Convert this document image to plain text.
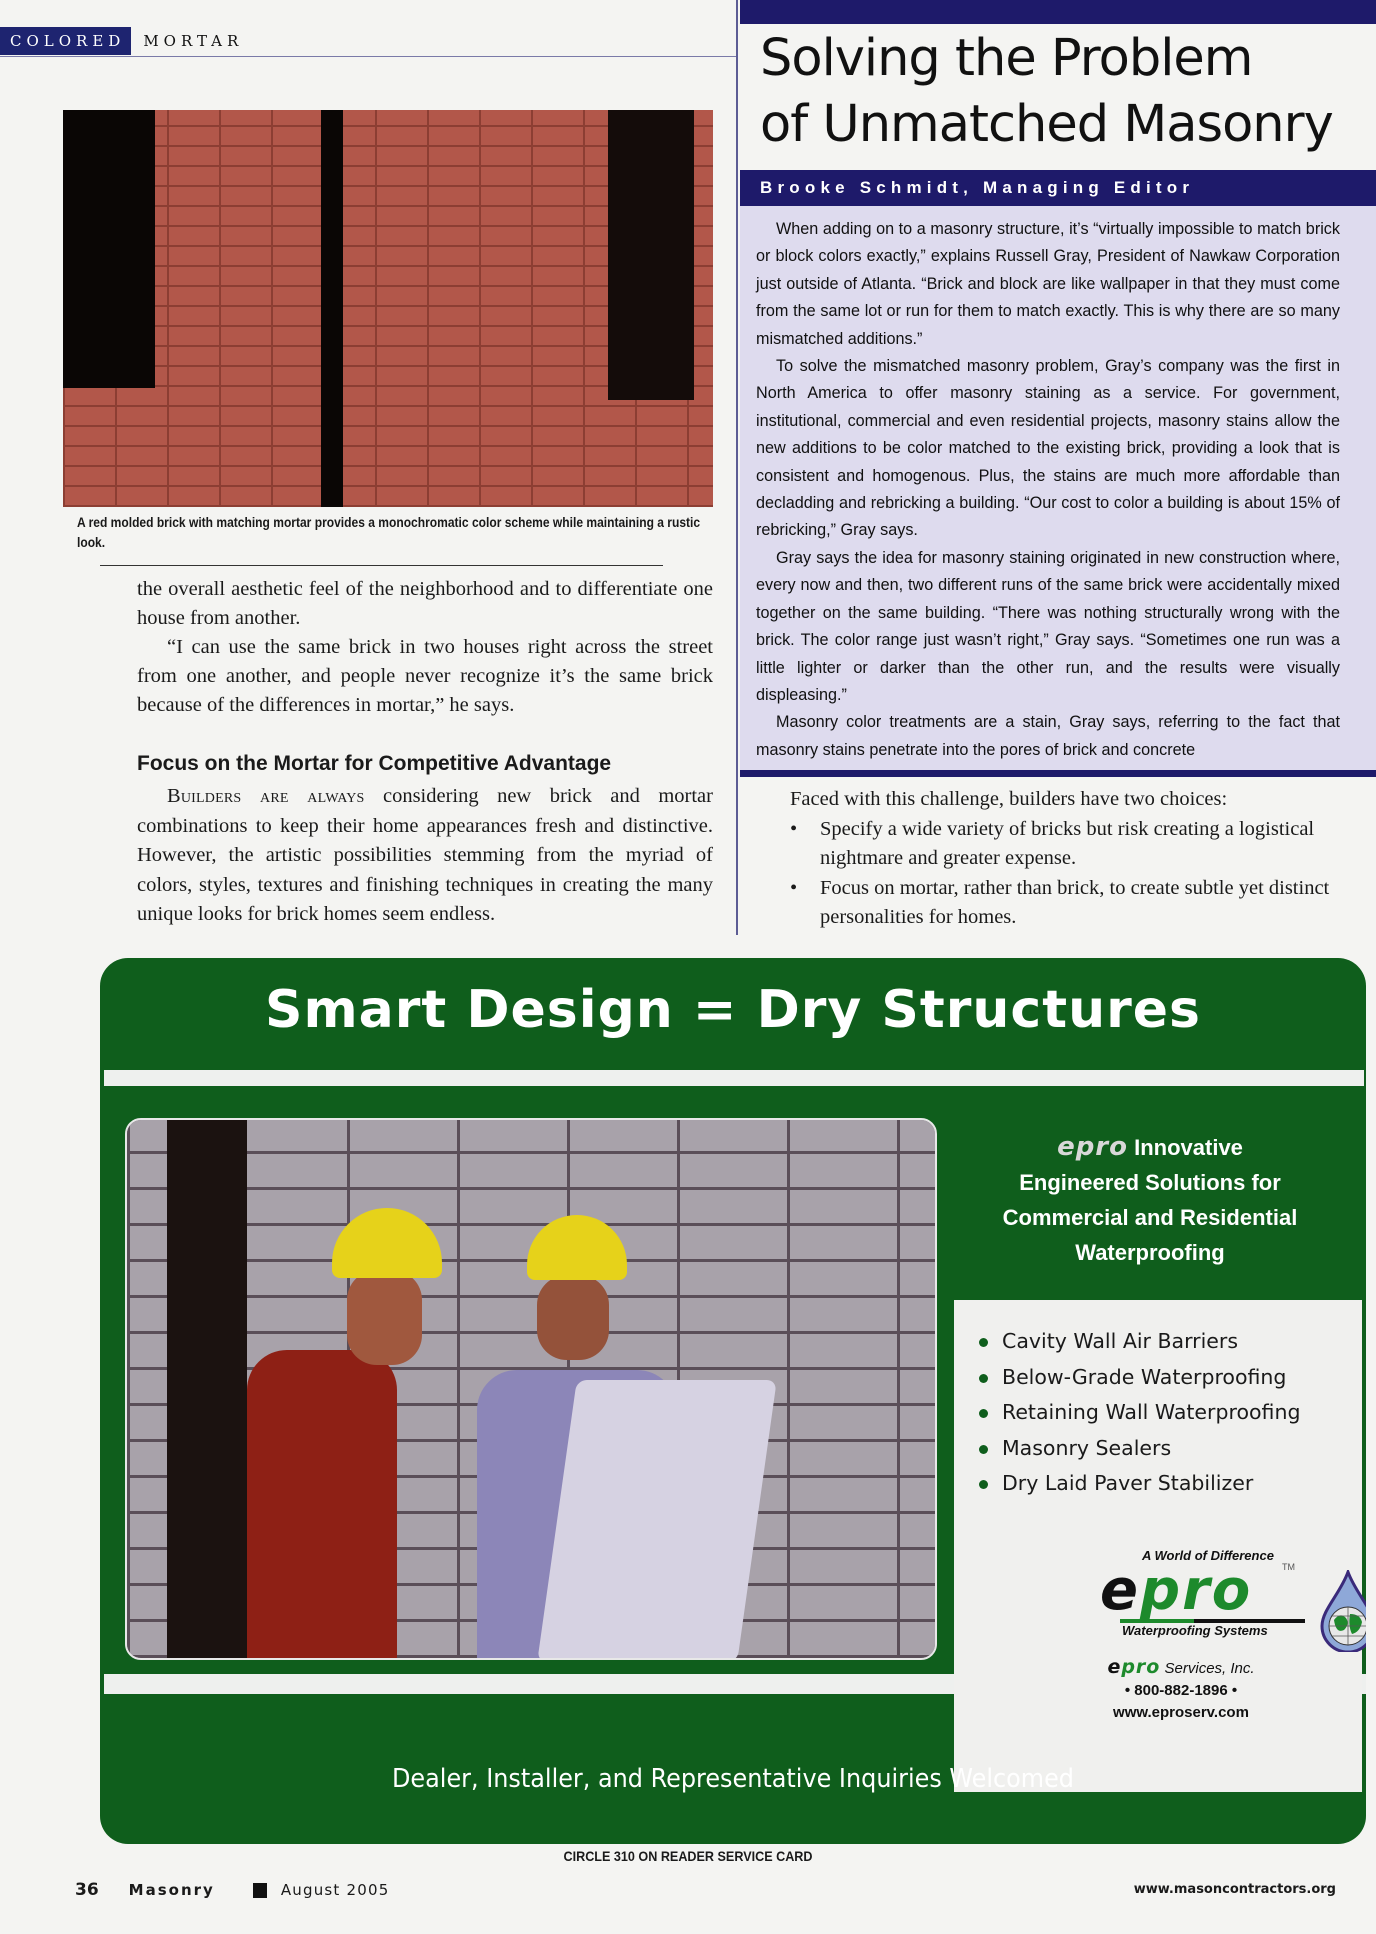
COLORED	MORTAR
A red molded brick with matching mortar provides a monochromatic color scheme while maintaining a rustic look.

the overall aesthetic feel of the neighborhood and to differentiate one house from another.

“I can use the same brick in two houses right across the street from one another, and people never recognize it’s the same brick because of the differences in mortar,” he says.

Focus on the Mortar for Competitive Advantage
Builders are always considering new brick and mortar combinations to keep their home appearances fresh and distinctive. However, the artistic possibilities stemming from the myriad of colors, styles, textures and finishing techniques in creating the many unique looks for brick homes seem endless.
Solving the Problem
of Unmatched Masonry
Brooke Schmidt, Managing Editor

When adding on to a masonry structure, it’s “virtually impossible to match brick or block colors exactly,” explains Russell Gray, President of Nawkaw Corporation just outside of Atlanta. “Brick and block are like wallpaper in that they must come from the same lot or run for them to match exactly. This is why there are so many mismatched additions.”

To solve the mismatched masonry problem, Gray’s company was the first in North America to offer masonry staining as a service. For government, institutional, commercial and even residential projects, masonry stains allow the new additions to be color matched to the existing brick, providing a look that is consistent and homogenous. Plus, the stains are much more affordable than decladding and rebricking a building. “Our cost to color a building is about 15% of rebricking,” Gray says.

Gray says the idea for masonry staining originated in new construction where, every now and then, two different runs of the same brick were accidentally mixed together on the same building. “There was nothing structurally wrong with the brick. The color range just wasn’t right,” Gray says. “Sometimes one run was a little lighter or darker than the other run, and the results were visually displeasing.”

Masonry color treatments are a stain, Gray says, referring to the fact that masonry stains penetrate into the pores of brick and concrete

Faced with this challenge, builders have two choices:
• Specify a wide variety of bricks but risk creating a logistical nightmare and greater expense.
• Focus on mortar, rather than brick, to create subtle yet distinct personalities for homes.
Smart Design = Dry Structures
epro Innovative
Engineered Solutions for
Commercial and Residential
Waterproofing
Cavity Wall Air Barriers
Below-Grade Waterproofing
Retaining Wall Waterproofing
Masonry Sealers
Dry Laid Paver Stabilizer
A World of Difference
epro	TM
Waterproofing Systems
epro Services, Inc.
• 800-882-1896 •
www.eproserv.com
Dealer, Installer, and Representative Inquiries Welcomed
CIRCLE 310 ON READER SERVICE CARD
36 Masonry	August 2005	www.masoncontractors.org
